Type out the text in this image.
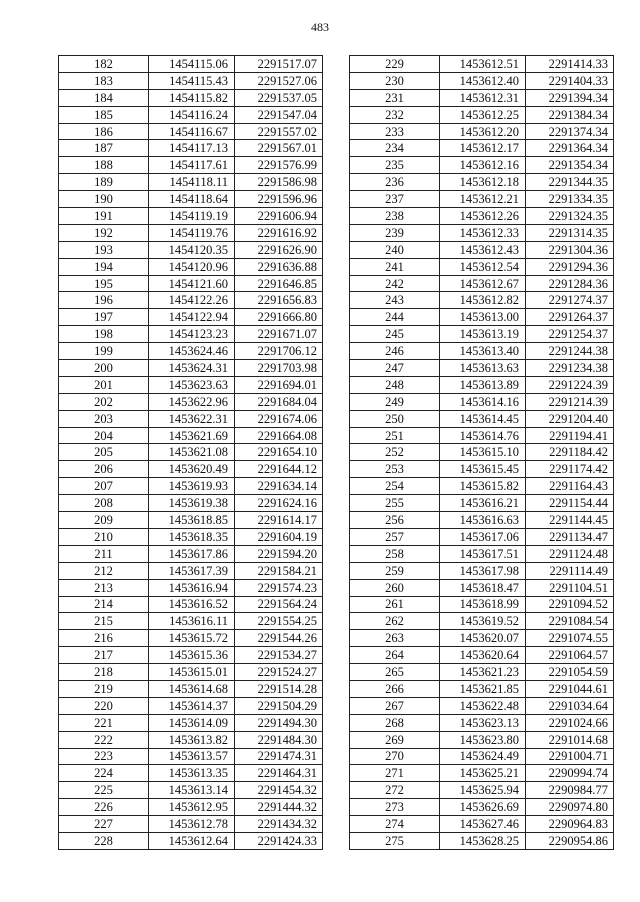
483
182	1454115.06	2291517.07
183	1454115.43	2291527.06
184	1454115.82	2291537.05
185	1454116.24	2291547.04
186	1454116.67	2291557.02
187	1454117.13	2291567.01
188	1454117.61	2291576.99
189	1454118.11	2291586.98
190	1454118.64	2291596.96
191	1454119.19	2291606.94
192	1454119.76	2291616.92
193	1454120.35	2291626.90
194	1454120.96	2291636.88
195	1454121.60	2291646.85
196	1454122.26	2291656.83
197	1454122.94	2291666.80
198	1454123.23	2291671.07
199	1453624.46	2291706.12
200	1453624.31	2291703.98
201	1453623.63	2291694.01
202	1453622.96	2291684.04
203	1453622.31	2291674.06
204	1453621.69	2291664.08
205	1453621.08	2291654.10
206	1453620.49	2291644.12
207	1453619.93	2291634.14
208	1453619.38	2291624.16
209	1453618.85	2291614.17
210	1453618.35	2291604.19
211	1453617.86	2291594.20
212	1453617.39	2291584.21
213	1453616.94	2291574.23
214	1453616.52	2291564.24
215	1453616.11	2291554.25
216	1453615.72	2291544.26
217	1453615.36	2291534.27
218	1453615.01	2291524.27
219	1453614.68	2291514.28
220	1453614.37	2291504.29
221	1453614.09	2291494.30
222	1453613.82	2291484.30
223	1453613.57	2291474.31
224	1453613.35	2291464.31
225	1453613.14	2291454.32
226	1453612.95	2291444.32
227	1453612.78	2291434.32
228	1453612.64	2291424.33
229	1453612.51	2291414.33
230	1453612.40	2291404.33
231	1453612.31	2291394.34
232	1453612.25	2291384.34
233	1453612.20	2291374.34
234	1453612.17	2291364.34
235	1453612.16	2291354.34
236	1453612.18	2291344.35
237	1453612.21	2291334.35
238	1453612.26	2291324.35
239	1453612.33	2291314.35
240	1453612.43	2291304.36
241	1453612.54	2291294.36
242	1453612.67	2291284.36
243	1453612.82	2291274.37
244	1453613.00	2291264.37
245	1453613.19	2291254.37
246	1453613.40	2291244.38
247	1453613.63	2291234.38
248	1453613.89	2291224.39
249	1453614.16	2291214.39
250	1453614.45	2291204.40
251	1453614.76	2291194.41
252	1453615.10	2291184.42
253	1453615.45	2291174.42
254	1453615.82	2291164.43
255	1453616.21	2291154.44
256	1453616.63	2291144.45
257	1453617.06	2291134.47
258	1453617.51	2291124.48
259	1453617.98	2291114.49
260	1453618.47	2291104.51
261	1453618.99	2291094.52
262	1453619.52	2291084.54
263	1453620.07	2291074.55
264	1453620.64	2291064.57
265	1453621.23	2291054.59
266	1453621.85	2291044.61
267	1453622.48	2291034.64
268	1453623.13	2291024.66
269	1453623.80	2291014.68
270	1453624.49	2291004.71
271	1453625.21	2290994.74
272	1453625.94	2290984.77
273	1453626.69	2290974.80
274	1453627.46	2290964.83
275	1453628.25	2290954.86
